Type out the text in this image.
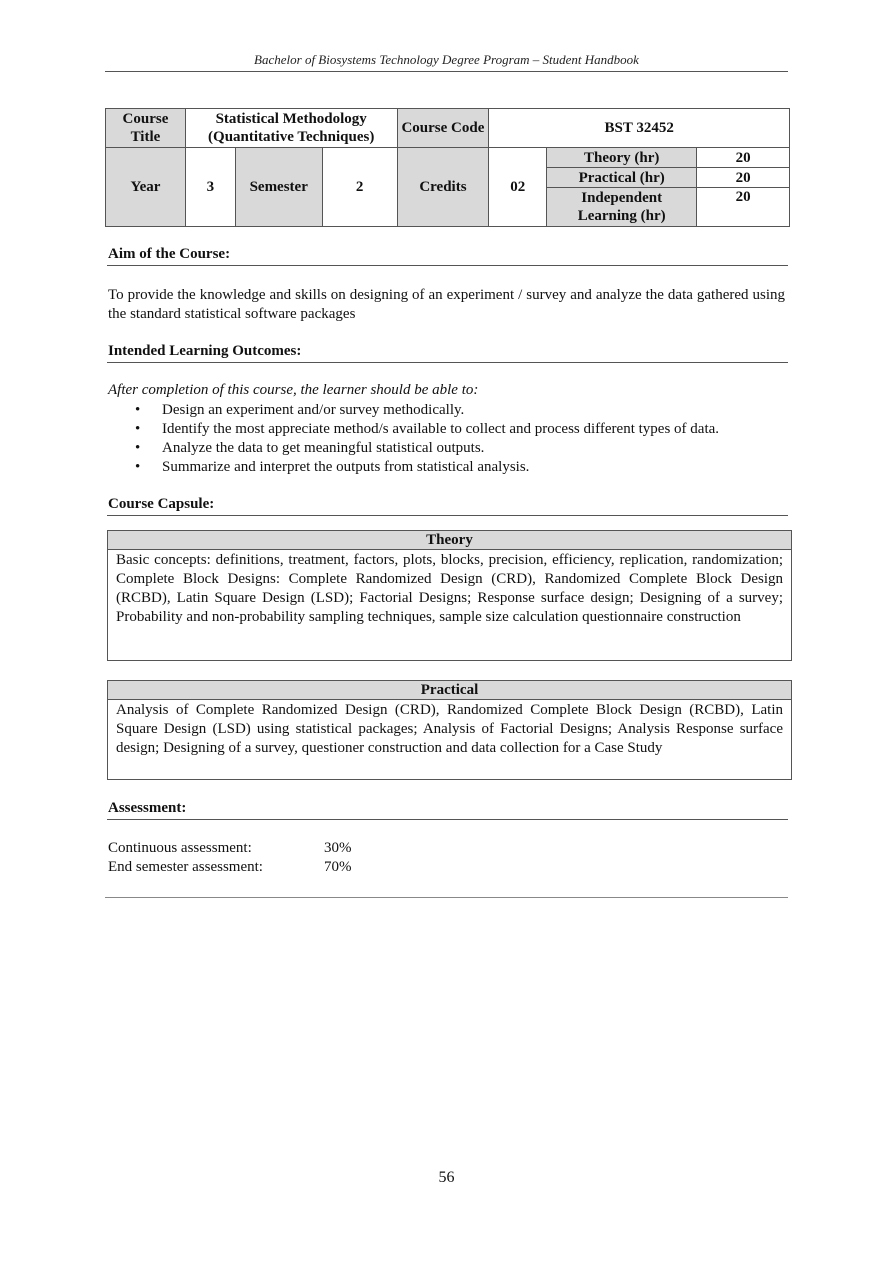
Bachelor of Biosystems Technology Degree Program – Student Handbook
Course Title	Statistical Methodology (Quantitative Techniques)			Course Code	BST 32452		
Year	3	Semester	2	Credits	02	Theory (hr)	20
						Practical (hr)	20
						Independent Learning (hr)	20
Aim of the Course:
To provide the knowledge and skills on designing of an experiment / survey and analyze the data gathered using the standard statistical software packages
Intended Learning Outcomes:
After completion of this course, the learner should be able to:
• Design an experiment and/or survey methodically.
• Identify the most appreciate method/s available to collect and process different types of data.
• Analyze the data to get meaningful statistical outputs.
• Summarize and interpret the outputs from statistical analysis.
Course Capsule:
Theory
Basic concepts: definitions, treatment, factors, plots, blocks, precision, efficiency, replication, randomization; Complete Block Designs: Complete Randomized Design (CRD), Randomized Complete Block Design (RCBD), Latin Square Design (LSD); Factorial Designs; Response surface design; Designing of a survey; Probability and non-probability sampling techniques, sample size calculation questionnaire construction
Practical
Analysis of Complete Randomized Design (CRD), Randomized Complete Block Design (RCBD), Latin Square Design (LSD) using statistical packages; Analysis of Factorial Designs; Analysis Response surface design; Designing of a survey, questioner construction and data collection for a Case Study
Assessment:
Continuous assessment:	30%
End semester assessment:	70%
56
